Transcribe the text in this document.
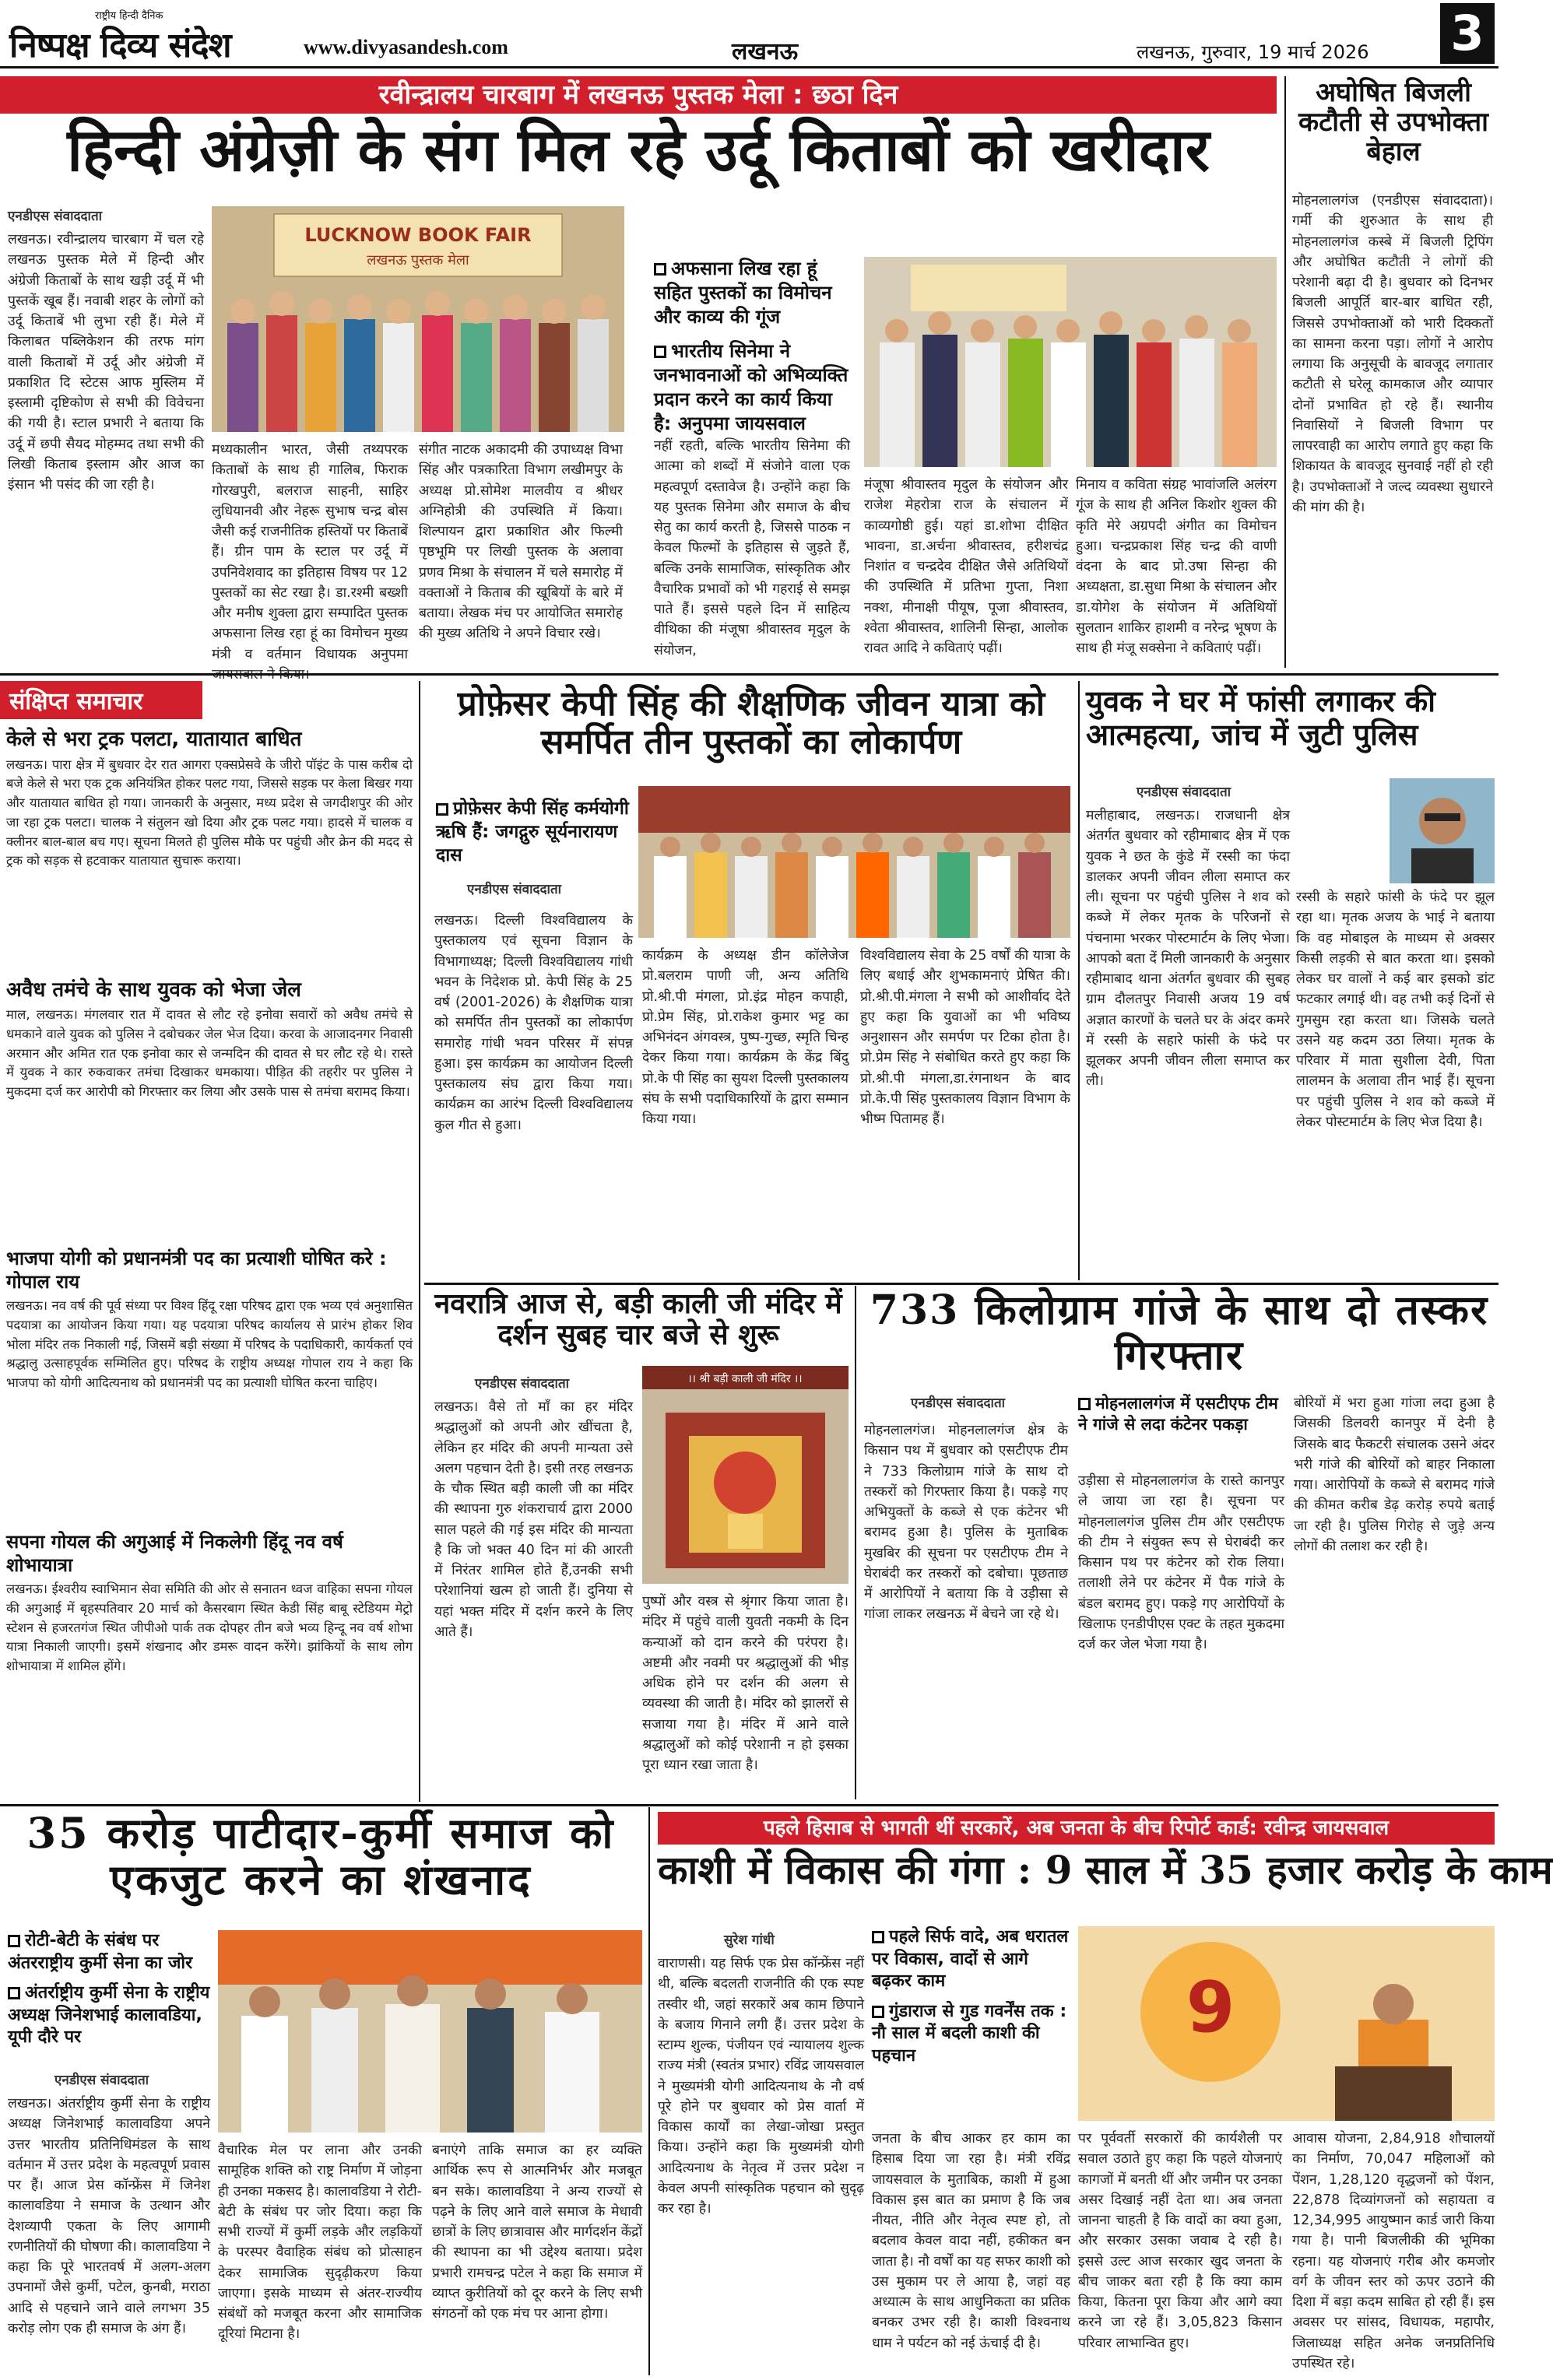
राष्ट्रीय हिन्दी दैनिक
निष्पक्ष दिव्य संदेश	www.divyasandesh.com	लखनऊ	लखनऊ, गुरुवार, 19 मार्च 2026 3
रवीन्द्रालय चारबाग में लखनऊ पुस्तक मेला : छठा दिन
हिन्दी अंग्रेज़ी के संग मिल रहे उर्दू किताबों को खरीदार
एनडीएस संवाददाता
लखनऊ। रवीन्द्रालय चारबाग में चल रहे लखनऊ पुस्तक मेले में हिन्दी और अंग्रेजी किताबों के साथ खड़ी उर्दू में भी पुस्तकें खूब हैं। नवाबी शहर के लोगों को उर्दू किताबें भी लुभा रही हैं। मेले में किलाबत पब्लिकेशन की तरफ मांग वाली किताबों में उर्दू और अंग्रेजी में प्रकाशित दि स्टेटस आफ मुस्लिम में इस्लामी दृष्टिकोण से सभी की विवेचना की गयी है। स्टाल प्रभारी ने बताया कि उर्दू में छपी सैयद मोहम्मद तथा सभी की लिखी किताब इस्लाम और आज का इंसान भी पसंद की जा रही है।
LUCKNOW BOOK FAIR
लखनऊ पुस्तक मेला	अफसाना लिख रहा हूं सहित पुस्तकों का विमोचन और काव्य की गूंज
भारतीय सिनेमा ने जनभावनाओं को अभिव्यक्ति प्रदान करने का कार्य किया है: अनुपमा जायसवाल
मध्यकालीन भारत, जैसी तथ्यपरक किताबों के साथ ही गालिब, फिराक गोरखपुरी, बलराज साहनी, साहिर लुधियानवी और नेहरू सुभाष चन्द्र बोस जैसी कई राजनीतिक हस्तियों पर किताबें हैं। ग्रीन पाम के स्टाल पर उर्दू में उपनिवेशवाद का इतिहास विषय पर 12 पुस्तकों का सेट रखा है। डा.रश्मी बख्शी और मनीष शुक्ला द्वारा सम्पादित पुस्तक अफसाना लिख रहा हूं का विमोचन मुख्य मंत्री व वर्तमान विधायक अनुपमा
संगीत नाटक अकादमी की उपाध्यक्ष विभा सिंह और पत्रकारिता विभाग लखीमपुर के अध्यक्ष प्रो.सोमेश मालवीय व श्रीधर अग्निहोत्री की उपस्थिति में किया। शिल्पायन द्वारा प्रकाशित और फिल्मी पृष्ठभूमि पर लिखी पुस्तक के अलावा प्रणव मिश्रा के संचालन में चले समारोह में वक्ताओं ने किताब की खूबियों के बारे में बताया। लेखक मंच पर आयोजित समारोह की मुख्य अतिथि ने अपने विचार रखे।
नहीं रहती, बल्कि भारतीय सिनेमा की आत्मा को शब्दों में संजोने वाला एक महत्वपूर्ण दस्तावेज है। उन्होंने कहा कि यह पुस्तक सिनेमा और समाज के बीच सेतु का कार्य करती है, जिससे पाठक न केवल फिल्मों के इतिहास से जुड़ते हैं, बल्कि उनके सामाजिक, सांस्कृतिक और वैचारिक प्रभावों को भी गहराई से समझ पाते हैं। इससे पहले दिन में साहित्य वीथिका की मंजूषा श्रीवास्तव मृदुल के संयोजन,
मंजूषा श्रीवास्तव मृदुल के संयोजन और राजेश मेहरोत्रा राज के संचालन में काव्यगोष्ठी हुई। यहां डा.शोभा दीक्षित भावना, डा.अर्चना श्रीवास्तव, हरीशचंद्र निशांत व चन्द्रदेव दीक्षित जैसे अतिथियों की उपस्थिति में प्रतिभा गुप्ता, निशा नक्श, मीनाक्षी पीयूष, पूजा श्रीवास्तव, श्वेता श्रीवास्तव, शालिनी सिन्हा, आलोक रावत आदि ने कविताएं पढ़ीं।
मिनाय व कविता संग्रह भावांजलि अलंरग गूंज के साथ ही अनिल किशोर शुक्ल की कृति मेरे अग्रपदी अंगीत का विमोचन हुआ। चन्द्रप्रकाश सिंह चन्द्र की वाणी वंदना के बाद प्रो.उषा सिन्हा की अध्यक्षता, डा.सुधा मिश्रा के संचालन और डा.योगेश के संयोजन में अतिथियों सुलतान शाकिर हाशमी व नरेन्द्र भूषण के साथ ही मंजू सक्सेना ने कविताएं पढ़ीं।
अघोषित बिजली कटौती से उपभोक्ता बेहाल
मोहनलालगंज (एनडीएस संवाददाता)। गर्मी की शुरुआत के साथ ही मोहनलालगंज कस्बे में बिजली ट्रिपिंग और अघोषित कटौती ने लोगों की परेशानी बढ़ा दी है। बुधवार को दिनभर बिजली आपूर्ति बार-बार बाधित रही, जिससे उपभोक्ताओं को भारी दिक्कतों का सामना करना पड़ा। लोगों ने आरोप लगाया कि अनुसूची के बावजूद लगातार कटौती से घरेलू कामकाज और व्यापार दोनों प्रभावित हो रहे हैं। स्थानीय निवासियों ने बिजली विभाग पर लापरवाही का आरोप लगाते हुए कहा कि शिकायत के बावजूद सुनवाई नहीं हो रही है। उपभोक्ताओं ने जल्द व्यवस्था सुधारने की मांग की है।
संक्षिप्त समाचार
केले से भरा ट्रक पलटा, यातायात बाधित
लखनऊ। पारा क्षेत्र में बुधवार देर रात आगरा एक्सप्रेसवे के जीरो पॉइंट के पास करीब दो बजे केले से भरा एक ट्रक अनियंत्रित होकर पलट गया, जिससे सड़क पर केला बिखर गया और यातायात बाधित हो गया। जानकारी के अनुसार, मध्य प्रदेश से जगदीशपुर की ओर जा रहा ट्रक पलटा। चालक ने संतुलन खो दिया और ट्रक पलट गया। हादसे में चालक व क्लीनर बाल-बाल बच गए। सूचना मिलते ही पुलिस मौके पर पहुंची और क्रेन की मदद से ट्रक को सड़क से हटवाकर यातायात सुचारू कराया।
अवैध तमंचे के साथ युवक को भेजा जेल
माल, लखनऊ। मंगलवार रात में दावत से लौट रहे इनोवा सवारों को अवैध तमंचे से धमकाने वाले युवक को पुलिस ने दबोचकर जेल भेज दिया। करवा के आजादनगर निवासी अरमान और अमित रात एक इनोवा कार से जन्मदिन की दावत से घर लौट रहे थे। रास्ते में युवक ने कार रुकवाकर तमंचा दिखाकर धमकाया। पीड़ित की तहरीर पर पुलिस ने मुकदमा दर्ज कर आरोपी को गिरफ्तार कर लिया और उसके पास से तमंचा बरामद किया।
भाजपा योगी को प्रधानमंत्री पद का प्रत्याशी घोषित करे : गोपाल राय
लखनऊ। नव वर्ष की पूर्व संध्या पर विश्व हिंदू रक्षा परिषद द्वारा एक भव्य एवं अनुशासित पदयात्रा का आयोजन किया गया। यह पदयात्रा परिषद कार्यालय से प्रारंभ होकर शिव भोला मंदिर तक निकाली गई, जिसमें बड़ी संख्या में परिषद के पदाधिकारी, कार्यकर्ता एवं श्रद्धालु उत्साहपूर्वक सम्मिलित हुए। परिषद के राष्ट्रीय अध्यक्ष गोपाल राय ने कहा कि भाजपा को योगी आदित्यनाथ को प्रधानमंत्री पद का प्रत्याशी घोषित करना चाहिए।
सपना गोयल की अगुआई में निकलेगी हिंदू नव वर्ष शोभायात्रा
लखनऊ। ईश्वरीय स्वाभिमान सेवा समिति की ओर से सनातन ध्वज वाहिका सपना गोयल की अगुआई में बृहस्पतिवार 20 मार्च को कैसरबाग स्थित केडी सिंह बाबू स्टेडियम मेट्रो स्टेशन से हजरतगंज स्थित जीपीओ पार्क तक दोपहर तीन बजे भव्य हिन्दू नव वर्ष शोभा यात्रा निकाली जाएगी। इसमें शंखनाद और डमरू वादन करेंगे। झांकियों के साथ लोग शोभायात्रा में शामिल होंगे।
प्रोफ़ेसर केपी सिंह की शैक्षणिक जीवन यात्रा को समर्पित तीन पुस्तकों का लोकार्पण
प्रोफ़ेसर केपी सिंह कर्मयोगी ऋषि हैं: जगद्गुरु सूर्यनारायण दास
एनडीएस संवाददाता
लखनऊ। दिल्ली विश्वविद्यालय के पुस्तकालय एवं सूचना विज्ञान के विभागाध्यक्ष; दिल्ली विश्वविद्यालय गांधी भवन के निदेशक प्रो. केपी सिंह के 25 वर्ष (2001-2026) के शैक्षणिक यात्रा को समर्पित तीन पुस्तकों का लोकार्पण समारोह गांधी भवन परिसर में संपन्न हुआ। इस कार्यक्रम का आयोजन दिल्ली पुस्तकालय संघ द्वारा किया गया। कार्यक्रम का आरंभ दिल्ली विश्वविद्यालय कुल गीत से हुआ।
कार्यक्रम के अध्यक्ष डीन कॉलेजेज प्रो.बलराम पाणी जी, अन्य अतिथि प्रो.श्री.पी मंगला, प्रो.इंद्र मोहन कपाही, प्रो.प्रेम सिंह, प्रो.राकेश कुमार भट्ट का अभिनंदन अंगवस्त्र, पुष्प-गुच्छ, स्मृति चिन्ह देकर किया गया। कार्यक्रम के केंद्र बिंदु प्रो.के पी सिंह का सुयश दिल्ली पुस्तकालय संघ के सभी पदाधिकारियों के द्वारा सम्मान किया गया।
विश्वविद्यालय सेवा के 25 वर्षों की यात्रा के लिए बधाई और शुभकामनाएं प्रेषित की। प्रो.श्री.पी.मंगला ने सभी को आशीर्वाद देते हुए कहा कि युवाओं का भी भविष्य अनुशासन और समर्पण पर टिका होता है। प्रो.प्रेम सिंह ने संबोधित करते हुए कहा कि प्रो.श्री.पी मंगला,डा.रंगनाथन के बाद प्रो.के.पी सिंह पुस्तकालय विज्ञान विभाग के भीष्म पितामह हैं।
युवक ने घर में फांसी लगाकर की आत्महत्या, जांच में जुटी पुलिस
एनडीएस संवाददाता
मलीहाबाद, लखनऊ। राजधानी क्षेत्र अंतर्गत बुधवार को रहीमाबाद क्षेत्र में एक युवक ने छत के कुंडे में रस्सी का फंदा डालकर अपनी जीवन लीला समाप्त कर ली। सूचना पर पहुंची पुलिस ने शव को कब्जे में लेकर मृतक के परिजनों से पंचनामा भरकर पोस्टमार्टम के लिए भेजा। आपको बता दें मिली जानकारी के अनुसार रहीमाबाद थाना अंतर्गत बुधवार की सुबह ग्राम दौलतपुर निवासी अजय 19 वर्ष अज्ञात कारणों के चलते घर के अंदर कमरे में रस्सी के सहारे फांसी के फंदे पर झूलकर अपनी जीवन लीला समाप्त कर ली।
रस्सी के सहारे फांसी के फंदे पर झूल रहा था। मृतक अजय के भाई ने बताया कि वह मोबाइल के माध्यम से अक्सर किसी लड़की से बात करता था। इसको लेकर घर वालों ने कई बार इसको डांट फटकार लगाई थी। वह तभी कई दिनों से गुमसुम रहा करता था। जिसके चलते उसने यह कदम उठा लिया। मृतक के परिवार में माता सुशीला देवी, पिता लालमन के अलावा तीन भाई हैं। सूचना पर पहुंची पुलिस ने शव को कब्जे में लेकर पोस्टमार्टम के लिए भेज दिया है।
नवरात्रि आज से, बड़ी काली जी मंदिर में दर्शन सुबह चार बजे से शुरू
एनडीएस संवाददाता
लखनऊ। वैसे तो माँ का हर मंदिर श्रद्धालुओं को अपनी ओर खींचता है, लेकिन हर मंदिर की अपनी मान्यता उसे अलग पहचान देती है। इसी तरह लखनऊ के चौक स्थित बड़ी काली जी का मंदिर की स्थापना गुरु शंकराचार्य द्वारा 2000 साल पहले की गई इस मंदिर की मान्यता है कि जो भक्त 40 दिन मां की आरती में निरंतर शामिल होते हैं,उनकी सभी परेशानियां खत्म हो जाती हैं। दुनिया से यहां भक्त मंदिर में दर्शन करने के लिए आते हैं।
।। श्री बड़ी काली जी मंदिर ।।
पुष्पों और वस्त्र से श्रृंगार किया जाता है। मंदिर में पहुंचे वाली युवती नकमी के दिन कन्याओं को दान करने की परंपरा है। अष्टमी और नवमी पर श्रद्धालुओं की भीड़ अधिक होने पर दर्शन की अलग से व्यवस्था की जाती है। मंदिर को झालरों से सजाया गया है। मंदिर में आने वाले श्रद्धालुओं को कोई परेशानी न हो इसका पूरा ध्यान रखा जाता है।
733 किलोग्राम गांजे के साथ दो तस्कर गिरफ्तार
एनडीएस संवाददाता	मोहनलालगंज में एसटीएफ टीम ने गांजे से लदा कंटेनर पकड़ा
मोहनलालगंज। मोहनलालगंज क्षेत्र के किसान पथ में बुधवार को एसटीएफ टीम ने 733 किलोग्राम गांजे के साथ दो तस्करों को गिरफ्तार किया है। पकड़े गए अभियुक्तों के कब्जे से एक कंटेनर भी बरामद हुआ है। पुलिस के मुताबिक मुखबिर की सूचना पर एसटीएफ टीम ने घेराबंदी कर तस्करों को दबोचा। पूछताछ में आरोपियों ने बताया कि वे उड़ीसा से गांजा लाकर लखनऊ में बेचने जा रहे थे।
उड़ीसा से मोहनलालगंज के रास्ते कानपुर ले जाया जा रहा है। सूचना पर मोहनलालगंज पुलिस टीम और एसटीएफ की टीम ने संयुक्त रूप से घेराबंदी कर किसान पथ पर कंटेनर को रोक लिया। तलाशी लेने पर कंटेनर में पैक गांजे के बंडल बरामद हुए। पकड़े गए आरोपियों के खिलाफ एनडीपीएस एक्ट के तहत मुकदमा दर्ज कर जेल भेजा गया है।
बोरियों में भरा हुआ गांजा लदा हुआ है जिसकी डिलवरी कानपुर में देनी है जिसके बाद फैकटरी संचालक उसने अंदर भरी गांजे की बोरियों को बाहर निकाला गया। आरोपियों के कब्जे से बरामद गांजे की कीमत करीब डेढ़ करोड़ रुपये बताई जा रही है। पुलिस गिरोह से जुड़े अन्य लोगों की तलाश कर रही है।
35 करोड़ पाटीदार-कुर्मी समाज को एकजुट करने का शंखनाद
रोटी-बेटी के संबंध पर अंतरराष्ट्रीय कुर्मी सेना का जोर
अंतर्राष्ट्रीय कुर्मी सेना के राष्ट्रीय अध्यक्ष जिनेशभाई कालावडिया, यूपी दौरे पर
एनडीएस संवाददाता
लखनऊ। अंतर्राष्ट्रीय कुर्मी सेना के राष्ट्रीय अध्यक्ष जिनेशभाई कालावडिया अपने उत्तर भारतीय प्रतिनिधिमंडल के साथ वर्तमान में उत्तर प्रदेश के महत्वपूर्ण प्रवास पर हैं। आज प्रेस कॉन्फ्रेंस में जिनेश कालावडिया ने समाज के उत्थान और देशव्यापी एकता के लिए आगामी रणनीतियों की घोषणा की। कालावडिया ने कहा कि पूरे भारतवर्ष में अलग-अलग उपनामों जैसे कुर्मी, पटेल, कुनबी, मराठा आदि से पहचाने जाने वाले लगभग 35 करोड़ लोग एक ही समाज के अंग हैं।
वैचारिक मेल पर लाना और उनकी सामूहिक शक्ति को राष्ट्र निर्माण में जोड़ना ही उनका मकसद है। कालावडिया ने रोटी-बेटी के संबंध पर जोर दिया। कहा कि सभी राज्यों में कुर्मी लड़के और लड़कियों के परस्पर वैवाहिक संबंध को प्रोत्साहन देकर सामाजिक सुदृढ़ीकरण किया जाएगा। इसके माध्यम से अंतर-राज्यीय संबंधों को मजबूत करना और सामाजिक दूरियां मिटाना है।
बनाएंगे ताकि समाज का हर व्यक्ति आर्थिक रूप से आत्मनिर्भर और मजबूत बन सके। कालावडिया ने अन्य राज्यों से पढ़ने के लिए आने वाले समाज के मेधावी छात्रों के लिए छात्रावास और मार्गदर्शन केंद्रों की स्थापना का भी उद्देश्य बताया। प्रदेश प्रभारी रामचन्द्र पटेल ने कहा कि समाज में व्याप्त कुरीतियों को दूर करने के लिए सभी संगठनों को एक मंच पर आना होगा।
पहले हिसाब से भागती थीं सरकारें, अब जनता के बीच रिपोर्ट कार्ड: रवीन्द्र जायसवाल
काशी में विकास की गंगा : 9 साल में 35 हजार करोड़ के काम
सुरेश गांधी
वाराणसी। यह सिर्फ एक प्रेस कॉन्फ्रेंस नहीं थी, बल्कि बदलती राजनीति की एक स्पष्ट तस्वीर थी, जहां सरकारें अब काम छिपाने के बजाय गिनाने लगी हैं। उत्तर प्रदेश के स्टाम्प शुल्क, पंजीयन एवं न्यायालय शुल्क राज्य मंत्री (स्वतंत्र प्रभार) रविंद्र जायसवाल ने मुख्यमंत्री योगी आदित्यनाथ के नौ वर्ष पूरे होने पर बुधवार को प्रेस वार्ता में विकास कार्यों का लेखा-जोखा प्रस्तुत किया। उन्होंने कहा कि मुख्यमंत्री योगी आदित्यनाथ के नेतृत्व में उत्तर प्रदेश न केवल अपनी सांस्कृतिक पहचान को सुदृढ़ कर रहा है।
पहले सिर्फ वादे, अब धरातल पर विकास, वादों से आगे बढ़कर काम
गुंडाराज से गुड गवर्नेंस तक : नौ साल में बदली काशी की पहचान
9
जनता के बीच आकर हर काम का हिसाब दिया जा रहा है। मंत्री रविंद्र जायसवाल के मुताबिक, काशी में हुआ विकास इस बात का प्रमाण है कि जब नीयत, नीति और नेतृत्व स्पष्ट हो, तो बदलाव केवल वादा नहीं, हकीकत बन जाता है। नौ वर्षों का यह सफर काशी को उस मुकाम पर ले आया है, जहां वह अध्यात्म के साथ आधुनिकता का प्रतिक बनकर उभर रही है। काशी विश्वनाथ धाम ने पर्यटन को नई ऊंचाई दी है।
पर पूर्ववर्ती सरकारों की कार्यशैली पर सवाल उठाते हुए कहा कि पहले योजनाएं कागजों में बनती थीं और जमीन पर उनका असर दिखाई नहीं देता था। अब जनता जानना चाहती है कि वादों का क्या हुआ, और सरकार उसका जवाब दे रही है। इससे उल्ट आज सरकार खुद जनता के बीच जाकर बता रही है कि क्या काम किया, कितना पूरा किया और आगे क्या करने जा रहे हैं। 3,05,823 किसान परिवार लाभान्वित हुए।
आवास योजना, 2,84,918 शौचालयों का निर्माण, 70,047 महिलाओं को पेंशन, 1,28,120 वृद्धजनों को पेंशन, 22,878 दिव्यांगजनों को सहायता व 12,34,995 आयुष्मान कार्ड जारी किया गया है। पानी बिजलीकी की भूमिका रहना। यह योजनाएं गरीब और कमजोर वर्ग के जीवन स्तर को ऊपर उठाने की दिशा में बड़ा कदम साबित हो रही हैं। इस अवसर पर सांसद, विधायक, महापौर, जिलाध्यक्ष सहित अनेक जनप्रतिनिधि उपस्थित रहे।
